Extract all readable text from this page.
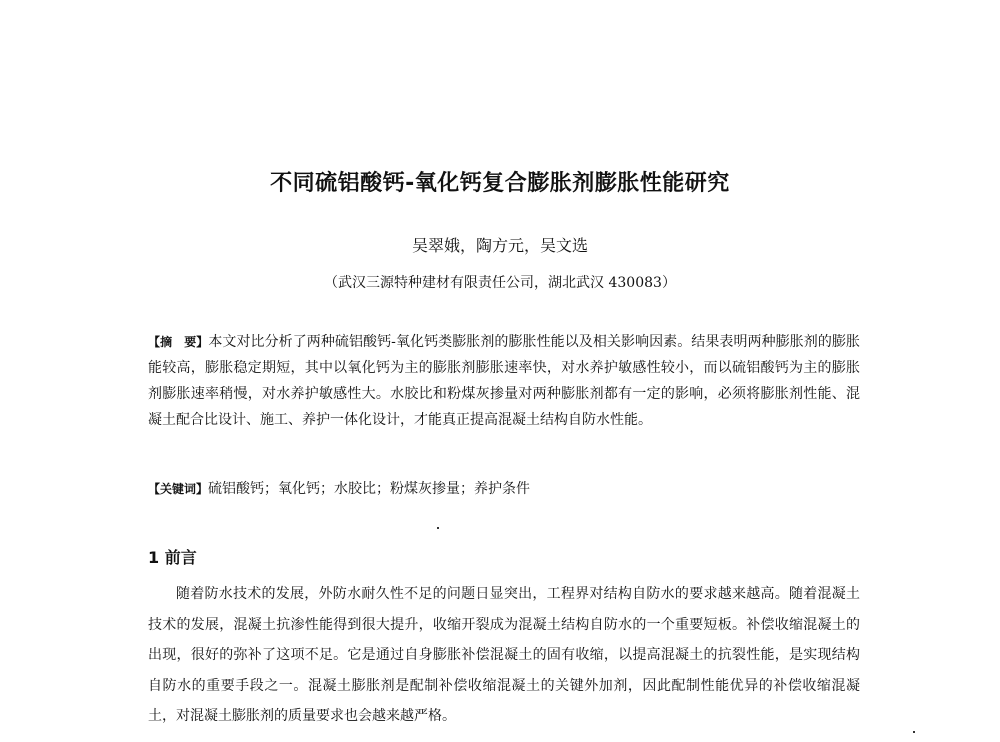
不同硫铝酸钙-氧化钙复合膨胀剂膨胀性能研究
吴翠娥，陶方元，吴文选
（武汉三源特种建材有限责任公司，湖北武汉 430083）
【摘　要】本文对比分析了两种硫铝酸钙-氧化钙类膨胀剂的膨胀性能以及相关影响因素。结果表明两种膨胀剂的膨胀能较高，膨胀稳定期短，其中以氧化钙为主的膨胀剂膨胀速率快，对水养护敏感性较小，而以硫铝酸钙为主的膨胀剂膨胀速率稍慢，对水养护敏感性大。水胶比和粉煤灰掺量对两种膨胀剂都有一定的影响，必须将膨胀剂性能、混凝土配合比设计、施工、养护一体化设计，才能真正提高混凝土结构自防水性能。
【关键词】硫铝酸钙；氧化钙；水胶比；粉煤灰掺量；养护条件
1 前言

随着防水技术的发展，外防水耐久性不足的问题日显突出，工程界对结构自防水的要求越来越高。随着混凝土技术的发展，混凝土抗渗性能得到很大提升，收缩开裂成为混凝土结构自防水的一个重要短板。补偿收缩混凝土的出现，很好的弥补了这项不足。它是通过自身膨胀补偿混凝土的固有收缩，以提高混凝土的抗裂性能，是实现结构自防水的重要手段之一。混凝土膨胀剂是配制补偿收缩混凝土的关键外加剂，因此配制性能优异的补偿收缩混凝土，对混凝土膨胀剂的质量要求也会越来越严格。
